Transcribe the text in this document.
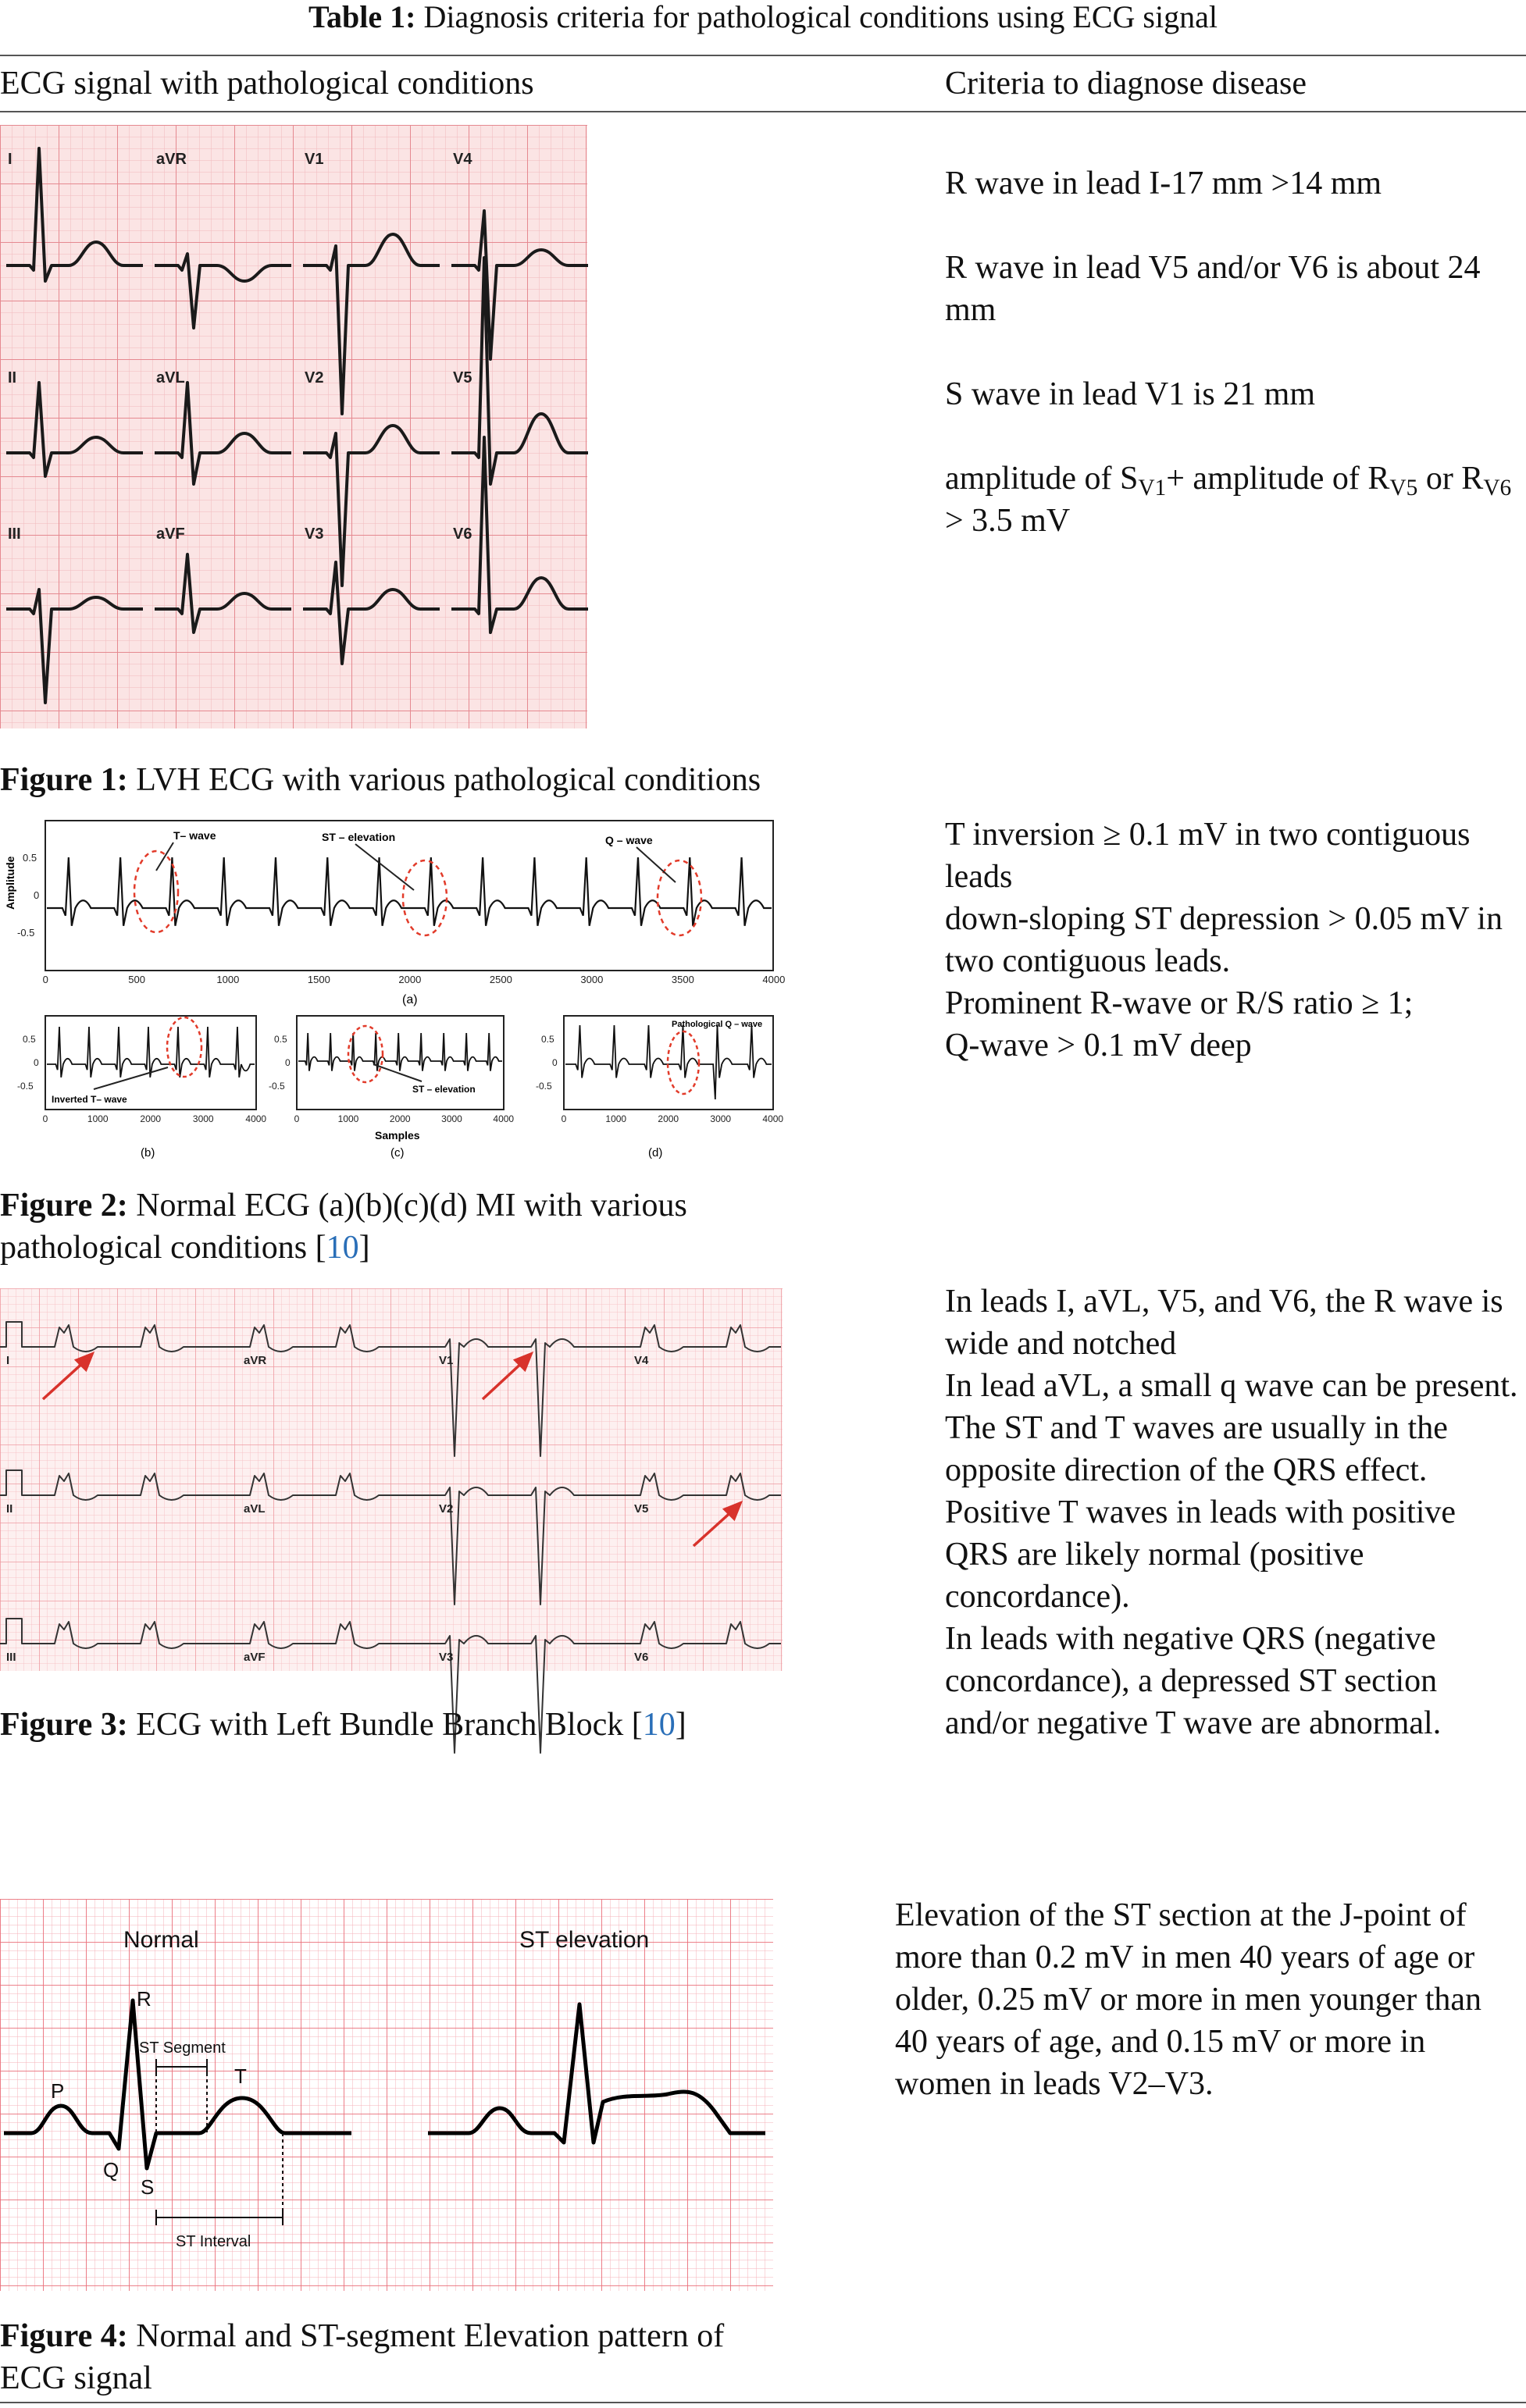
Table 1: Diagnosis criteria for pathological conditions using ECG signal
ECG signal with pathological conditions	Criteria to diagnose disease
I	aVR	V1	V4
II	aVL	V2	V5
III	aVF	V3	V6

R wave in lead I-17 mm >14 mm

R wave in lead V5 and/or V6 is about 24 mm

S wave in lead V1 is 21 mm

amplitude of $S_{V1}+$ amplitude of $R_{V5}$ or $R_{V6} > 3.5$ mV

Figure 1: LVH ECG with various pathological conditions
0	500	1000	1500	2000	2500	3000	3500	4000
0.5
0
-0.5
Amplitude
T– wave	ST – elevation	Q – wave
(a)
0	1000	2000	3000	4000
0.5
0
-0.5
Inverted T– wave
(b)
0	1000	2000	3000	4000
0.5
0
-0.5	ST – elevation
Samples
(c)
0	1000	2000	3000	4000
0.5
0
-0.5
Pathological Q – wave
(d)
T inversion ≥ 0.1 mV in two contiguous leads
down-sloping ST depression > 0.05 mV in two contiguous leads.
Prominent R-wave or R/S ratio ≥ 1;
Q-wave > 0.1 mV deep
Figure 2: Normal ECG (a)(b)(c)(d) MI with various pathological conditions [10]
I	aVR	V1	V4
II	aVL	V2	V5
III	aVF	V3	V6
In leads I, aVL, V5, and V6, the R wave is wide and notched
In lead aVL, a small q wave can be present.
The ST and T waves are usually in the opposite direction of the QRS effect.
Positive T waves in leads with positive QRS are likely normal (positive concordance).
In leads with negative QRS (negative concordance), a depressed ST section and/or negative T wave are abnormal.
Figure 3: ECG with Left Bundle Branch Block [10]
Normal	ST elevation
P
Q
R
S
T
ST Segment
ST Interval
Elevation of the ST section at the J-point of more than 0.2 mV in men 40 years of age or older, 0.25 mV or more in men younger than 40 years of age, and 0.15 mV or more in women in leads V2–V3.
Figure 4: Normal and ST-segment Elevation pattern of ECG signal
